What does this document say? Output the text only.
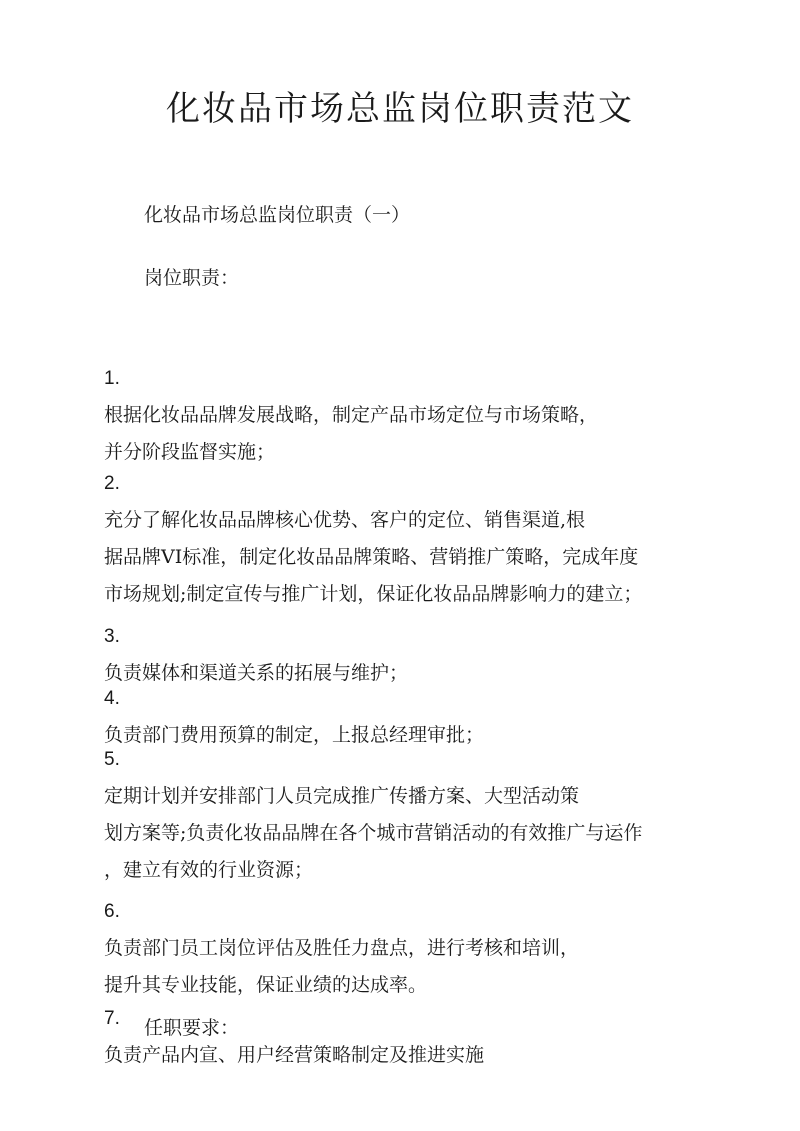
化妆品市场总监岗位职责范文

化妆品市场总监岗位职责（一）

岗位职责：

1.
根据化妆品品牌发展战略，制定产品市场定位与市场策略，
并分阶段监督实施；

2.
充分了解化妆品品牌核心优势、客户的定位、销售渠道,根
据品牌VI标准，制定化妆品品牌策略、营销推广策略，完成年度
市场规划;制定宣传与推广计划，保证化妆品品牌影响力的建立；

3.
负责媒体和渠道关系的拓展与维护；

4.
负责部门费用预算的制定，上报总经理审批；

5.
定期计划并安排部门人员完成推广传播方案、大型活动策
划方案等;负责化妆品品牌在各个城市营销活动的有效推广与运作
，建立有效的行业资源；

6.
负责部门员工岗位评估及胜任力盘点，进行考核和培训，
提升其专业技能，保证业绩的达成率。

7.
负责产品内宣、用户经营策略制定及推进实施

任职要求：
